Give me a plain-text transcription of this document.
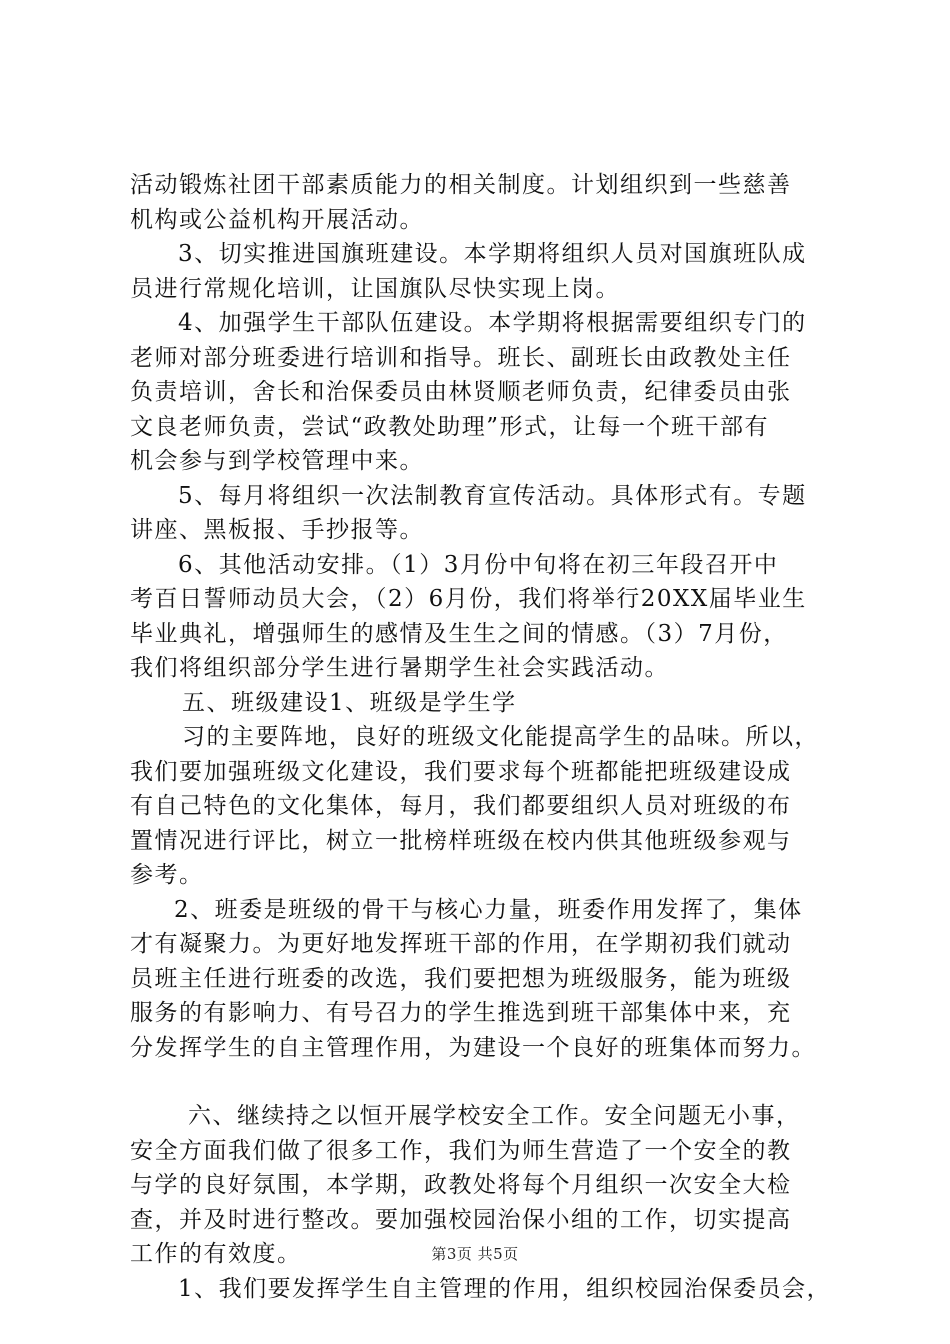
活动锻炼社团干部素质能力的相关制度。计划组织到一些慈善
机构或公益机构开展活动。
3、切实推进国旗班建设。本学期将组织人员对国旗班队成
员进行常规化培训，让国旗队尽快实现上岗。
4、加强学生干部队伍建设。本学期将根据需要组织专门的
老师对部分班委进行培训和指导。班长、副班长由政教处主任
负责培训，舍长和治保委员由林贤顺老师负责，纪律委员由张
文良老师负责，尝试“政教处助理”形式，让每一个班干部有
机会参与到学校管理中来。
5、每月将组织一次法制教育宣传活动。具体形式有。专题
讲座、黑板报、手抄报等。
6、其他活动安排。（1）3月份中旬将在初三年段召开中
考百日誓师动员大会，（2）6月份，我们将举行20XX届毕业生
毕业典礼，增强师生的感情及生生之间的情感。（3）7月份，
我们将组织部分学生进行暑期学生社会实践活动。
五、班级建设1、班级是学生学
习的主要阵地，良好的班级文化能提高学生的品味。所以，
我们要加强班级文化建设，我们要求每个班都能把班级建设成
有自己特色的文化集体，每月，我们都要组织人员对班级的布
置情况进行评比，树立一批榜样班级在校内供其他班级参观与
参考。
2、班委是班级的骨干与核心力量，班委作用发挥了，集体
才有凝聚力。为更好地发挥班干部的作用，在学期初我们就动
员班主任进行班委的改选，我们要把想为班级服务，能为班级
服务的有影响力、有号召力的学生推选到班干部集体中来，充
分发挥学生的自主管理作用，为建设一个良好的班集体而努力。
六、继续持之以恒开展学校安全工作。安全问题无小事，
安全方面我们做了很多工作，我们为师生营造了一个安全的教
与学的良好氛围，本学期，政教处将每个月组织一次安全大检
查，并及时进行整改。要加强校园治保小组的工作，切实提高
工作的有效度。
1、我们要发挥学生自主管理的作用，组织校园治保委员会，
第3页 共5页
